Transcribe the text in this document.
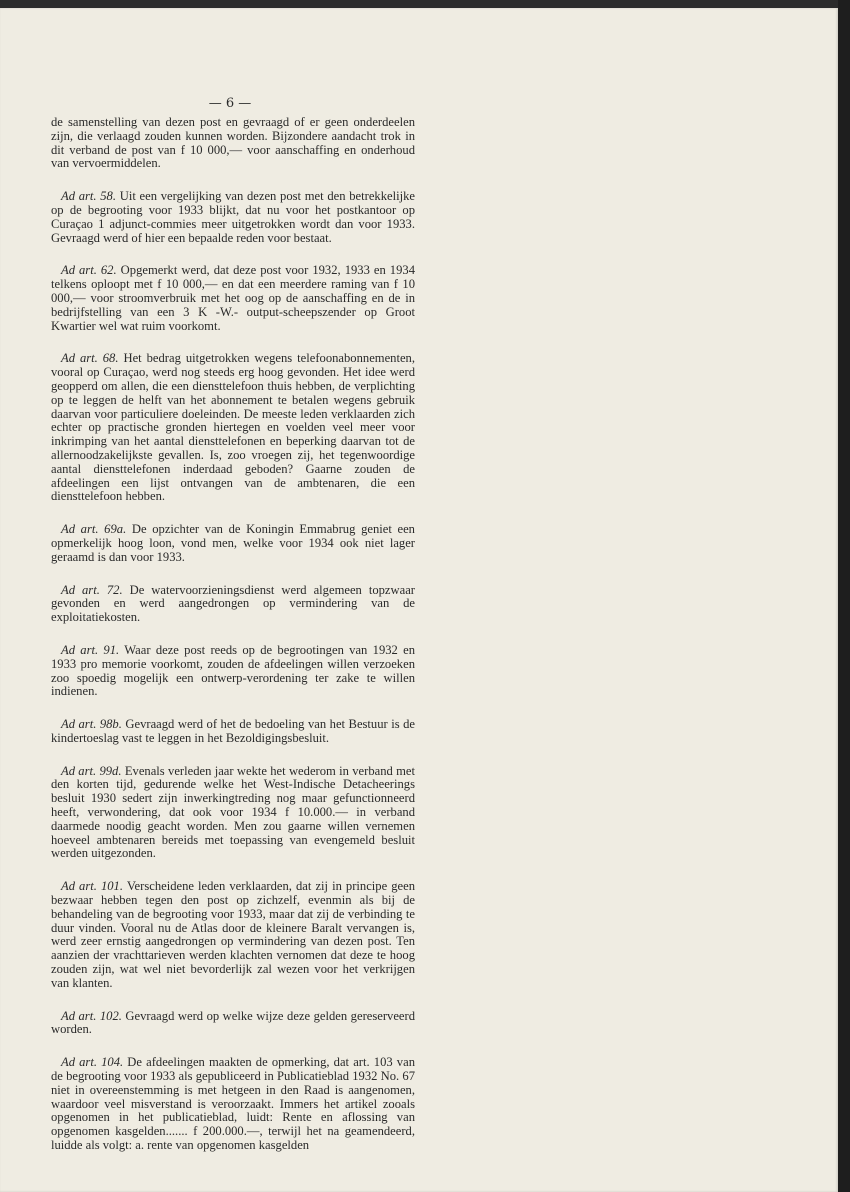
— 6 —

de samenstelling van dezen post en gevraagd of er geen onderdeelen zijn, die verlaagd zouden kunnen worden. Bijzondere aandacht trok in dit verband de post van f 10 000,— voor aanschaffing en onderhoud van vervoermiddelen.

Ad art. 58. Uit een vergelijking van dezen post met den betrekkelijke op de begrooting voor 1933 blijkt, dat nu voor het postkantoor op Curaçao 1 adjunct-commies meer uitgetrokken wordt dan voor 1933. Gevraagd werd of hier een bepaalde reden voor bestaat.

Ad art. 62. Opgemerkt werd, dat deze post voor 1932, 1933 en 1934 telkens oploopt met f 10 000,— en dat een meerdere raming van f 10 000,— voor stroomverbruik met het oog op de aanschaffing en de in bedrijfstelling van een 3 K -W.- output-scheepszender op Groot Kwartier wel wat ruim voorkomt.

Ad art. 68. Het bedrag uitgetrokken wegens telefoonabonnementen, vooral op Curaçao, werd nog steeds erg hoog gevonden. Het idee werd geopperd om allen, die een diensttelefoon thuis hebben, de verplichting op te leggen de helft van het abonnement te betalen wegens gebruik daarvan voor particuliere doeleinden. De meeste leden verklaarden zich echter op practische gronden hiertegen en voelden veel meer voor inkrimping van het aantal diensttelefonen en beperking daarvan tot de allernoodzakelijkste gevallen. Is, zoo vroegen zij, het tegenwoordige aantal diensttelefonen inderdaad geboden? Gaarne zouden de afdeelingen een lijst ontvangen van de ambtenaren, die een diensttelefoon hebben.

Ad art. 69a. De opzichter van de Koningin Emmabrug geniet een opmerkelijk hoog loon, vond men, welke voor 1934 ook niet lager geraamd is dan voor 1933.

Ad art. 72. De watervoorzieningsdienst werd algemeen topzwaar gevonden en werd aangedrongen op vermindering van de exploitatiekosten.

Ad art. 91. Waar deze post reeds op de begrootingen van 1932 en 1933 pro memorie voorkomt, zouden de afdeelingen willen verzoeken zoo spoedig mogelijk een ontwerp-verordening ter zake te willen indienen.

Ad art. 98b. Gevraagd werd of het de bedoeling van het Bestuur is de kindertoeslag vast te leggen in het Bezoldigingsbesluit.

Ad art. 99d. Evenals verleden jaar wekte het wederom in verband met den korten tijd, gedurende welke het West-Indische Detacheerings besluit 1930 sedert zijn inwerkingtreding nog maar gefunctionneerd heeft, verwondering, dat ook voor 1934 f 10.000.— in verband daarmede noodig geacht worden. Men zou gaarne willen vernemen hoeveel ambtenaren bereids met toepassing van evengemeld besluit werden uitgezonden.

Ad art. 101. Verscheidene leden verklaarden, dat zij in principe geen bezwaar hebben tegen den post op zichzelf, evenmin als bij de behandeling van de begrooting voor 1933, maar dat zij de verbinding te duur vinden. Vooral nu de Atlas door de kleinere Baralt vervangen is, werd zeer ernstig aangedrongen op vermindering van dezen post. Ten aanzien der vrachttarieven werden klachten vernomen dat deze te hoog zouden zijn, wat wel niet bevorderlijk zal wezen voor het verkrijgen van klanten.

Ad art. 102. Gevraagd werd op welke wijze deze gelden gereserveerd worden.

Ad art. 104. De afdeelingen maakten de opmerking, dat art. 103 van de begrooting voor 1933 als gepubliceerd in Publicatieblad 1932 No. 67 niet in overeenstemming is met hetgeen in den Raad is aangenomen, waardoor veel misverstand is veroorzaakt. Immers het artikel zooals opgenomen in het publicatieblad, luidt: Rente en aflossing van opgenomen kasgelden....... f 200.000.—, terwijl het na geamendeerd, luidde als volgt: a. rente van opgenomen kasgelden
